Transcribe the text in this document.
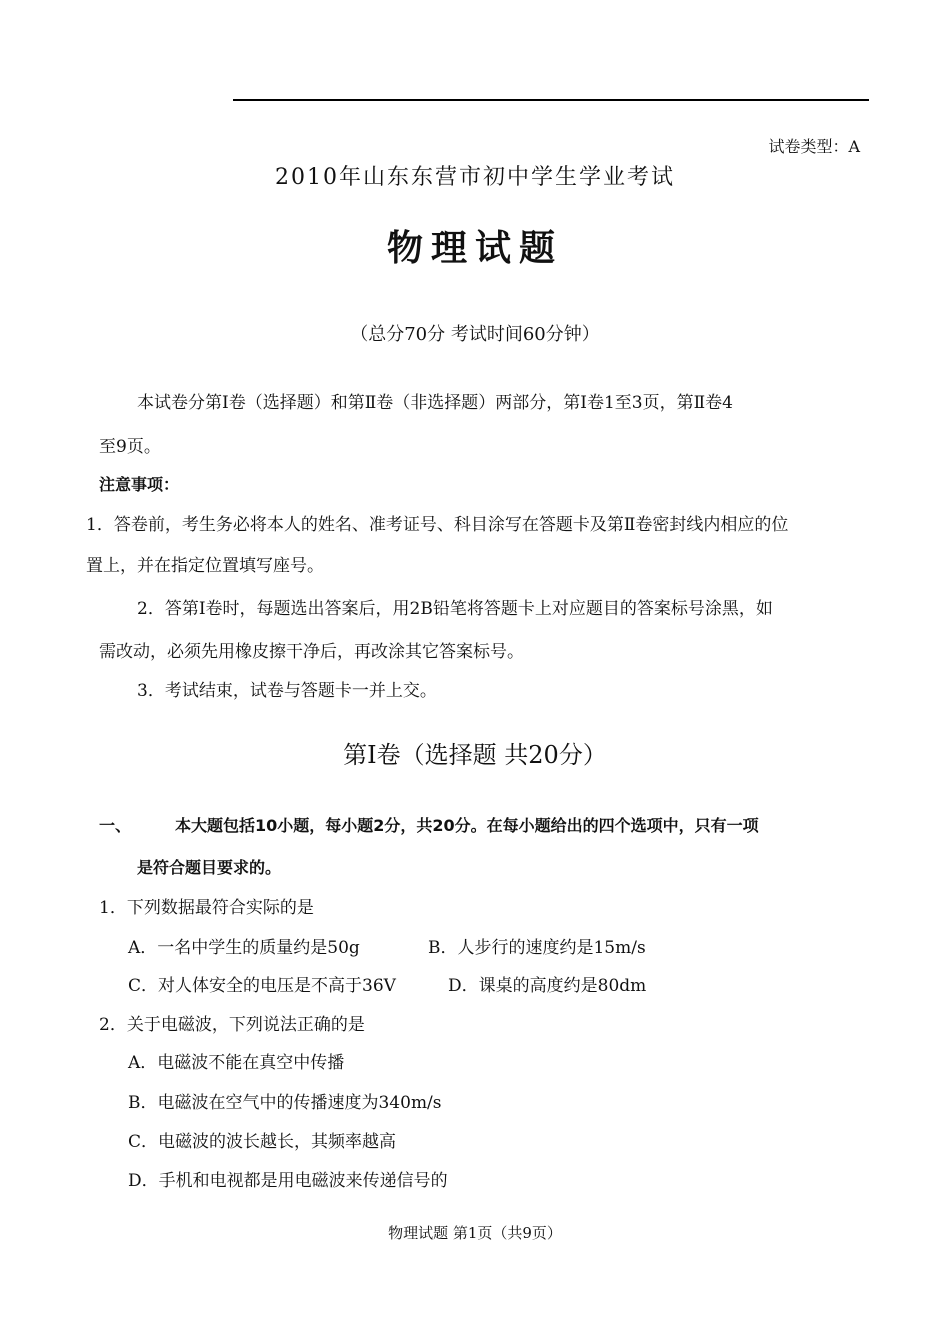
试卷类型：A
2010年山东东营市初中学生学业考试
物理试题
（总分70分 考试时间60分钟）
本试卷分第Ⅰ卷（选择题）和第Ⅱ卷（非选择题）两部分，第Ⅰ卷1至3页，第Ⅱ卷4
至9页。
注意事项：
1．答卷前，考生务必将本人的姓名、准考证号、科目涂写在答题卡及第Ⅱ卷密封线内相应的位
置上，并在指定位置填写座号。
2．答第Ⅰ卷时，每题选出答案后，用2B铅笔将答题卡上对应题目的答案标号涂黑，如
需改动，必须先用橡皮擦干净后，再改涂其它答案标号。
3．考试结束，试卷与答题卡一并上交。
第Ⅰ卷（选择题 共20分）
一、	本大题包括10小题，每小题2分，共20分。在每小题给出的四个选项中，只有一项
是符合题目要求的。
1．下列数据最符合实际的是
A．一名中学生的质量约是50g	B．人步行的速度约是15m/s
C．对人体安全的电压是不高于36V	D．课桌的高度约是80dm
2．关于电磁波，下列说法正确的是
A．电磁波不能在真空中传播
B．电磁波在空气中的传播速度为340m/s
C．电磁波的波长越长，其频率越高
D．手机和电视都是用电磁波来传递信号的
物理试题 第1页（共9页）
